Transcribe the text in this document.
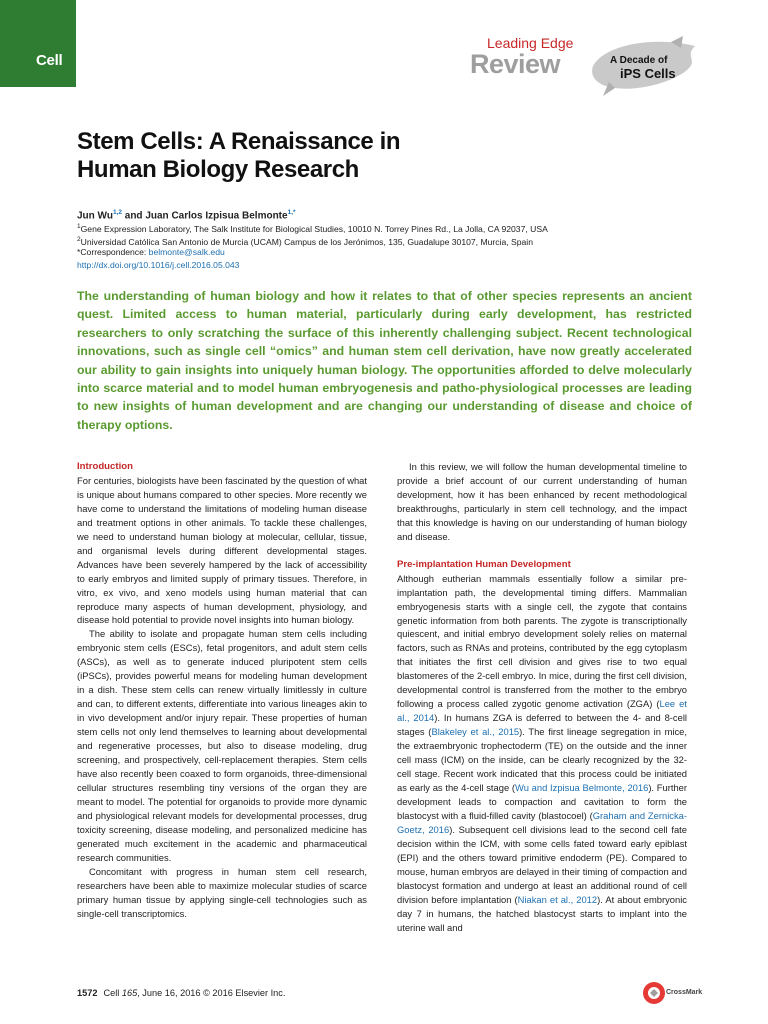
Cell
Leading Edge
Review	A Decade of
iPS Cells
Stem Cells: A Renaissance in
Human Biology Research
Jun Wu$^{1,2}$ and Juan Carlos Izpisua Belmonte$^{1,*}$
$^1$Gene Expression Laboratory, The Salk Institute for Biological Studies, 10010 N. Torrey Pines Rd., La Jolla, CA 92037, USA
$^2$Universidad Católica San Antonio de Murcia (UCAM) Campus de los Jerónimos, 135, Guadalupe 30107, Murcia, Spain
*Correspondence: belmonte@salk.edu
http://dx.doi.org/10.1016/j.cell.2016.05.043

The understanding of human biology and how it relates to that of other species represents an ancient quest. Limited access to human material, particularly during early development, has restricted researchers to only scratching the surface of this inherently challenging subject. Recent technological innovations, such as single cell “omics” and human stem cell derivation, have now greatly accelerated our ability to gain insights into uniquely human biology. The opportunities afforded to delve molecularly into scarce material and to model human embryogenesis and patho-physiological processes are leading to new insights of human development and are changing our understanding of disease and choice of therapy options.

Introduction

For centuries, biologists have been fascinated by the question of what is unique about humans compared to other species. More recently we have come to understand the limitations of modeling human disease and treatment options in other animals. To tackle these challenges, we need to understand human biology at molecular, cellular, tissue, and organismal levels during different developmental stages. Advances have been severely hampered by the lack of accessibility to early embryos and limited supply of primary tissues. Therefore, in vitro, ex vivo, and xeno models using human material that can reproduce many aspects of human development, physiology, and disease hold potential to provide novel insights into human biology.

The ability to isolate and propagate human stem cells including embryonic stem cells (ESCs), fetal progenitors, and adult stem cells (ASCs), as well as to generate induced pluripotent stem cells (iPSCs), provides powerful means for modeling human development in a dish. These stem cells can renew virtually limitlessly in culture and can, to different extents, differentiate into various lineages akin to in vivo development and/or injury repair. These properties of human stem cells not only lend themselves to learning about developmental and regenerative processes, but also to disease modeling, drug screening, and prospectively, cell-replacement therapies. Stem cells have also recently been coaxed to form organoids, three-dimensional cellular structures resembling tiny versions of the organ they are meant to model. The potential for organoids to provide more dynamic and physiological relevant models for developmental processes, drug toxicity screening, disease modeling, and personalized medicine has generated much excitement in the academic and pharmaceutical research communities.

Concomitant with progress in human stem cell research, researchers have been able to maximize molecular studies of scarce primary human tissue by applying single-cell technologies such as single-cell transcriptomics.

In this review, we will follow the human developmental timeline to provide a brief account of our current understanding of human development, how it has been enhanced by recent methodological breakthroughs, particularly in stem cell technology, and the impact that this knowledge is having on our understanding of human biology and disease.

Pre-implantation Human Development

Although eutherian mammals essentially follow a similar pre-implantation path, the developmental timing differs. Mammalian embryogenesis starts with a single cell, the zygote that contains genetic information from both parents. The zygote is transcriptionally quiescent, and initial embryo development solely relies on maternal factors, such as RNAs and proteins, contributed by the egg cytoplasm that initiates the first cell division and gives rise to two equal blastomeres of the 2-cell embryo. In mice, during the first cell division, developmental control is transferred from the mother to the embryo following a process called zygotic genome activation (ZGA) (Lee et al., 2014). In humans ZGA is deferred to between the 4- and 8-cell stages (Blakeley et al., 2015). The first lineage segregation in mice, the extraembryonic trophectoderm (TE) on the outside and the inner cell mass (ICM) on the inside, can be clearly recognized by the 32-cell stage. Recent work indicated that this process could be initiated as early as the 4-cell stage (Wu and Izpisua Belmonte, 2016). Further development leads to compaction and cavitation to form the blastocyst with a fluid-filled cavity (blastocoel) (Graham and Zernicka-Goetz, 2016). Subsequent cell divisions lead to the second cell fate decision within the ICM, with some cells fated toward early epiblast (EPI) and the others toward primitive endoderm (PE). Compared to mouse, human embryos are delayed in their timing of compaction and blastocyst formation and undergo at least an additional round of cell division before implantation (Niakan et al., 2012). At about embryonic day 7 in humans, the hatched blastocyst starts to implant into the uterine wall and

1572 Cell 165, June 16, 2016 © 2016 Elsevier Inc.	CrossMark
